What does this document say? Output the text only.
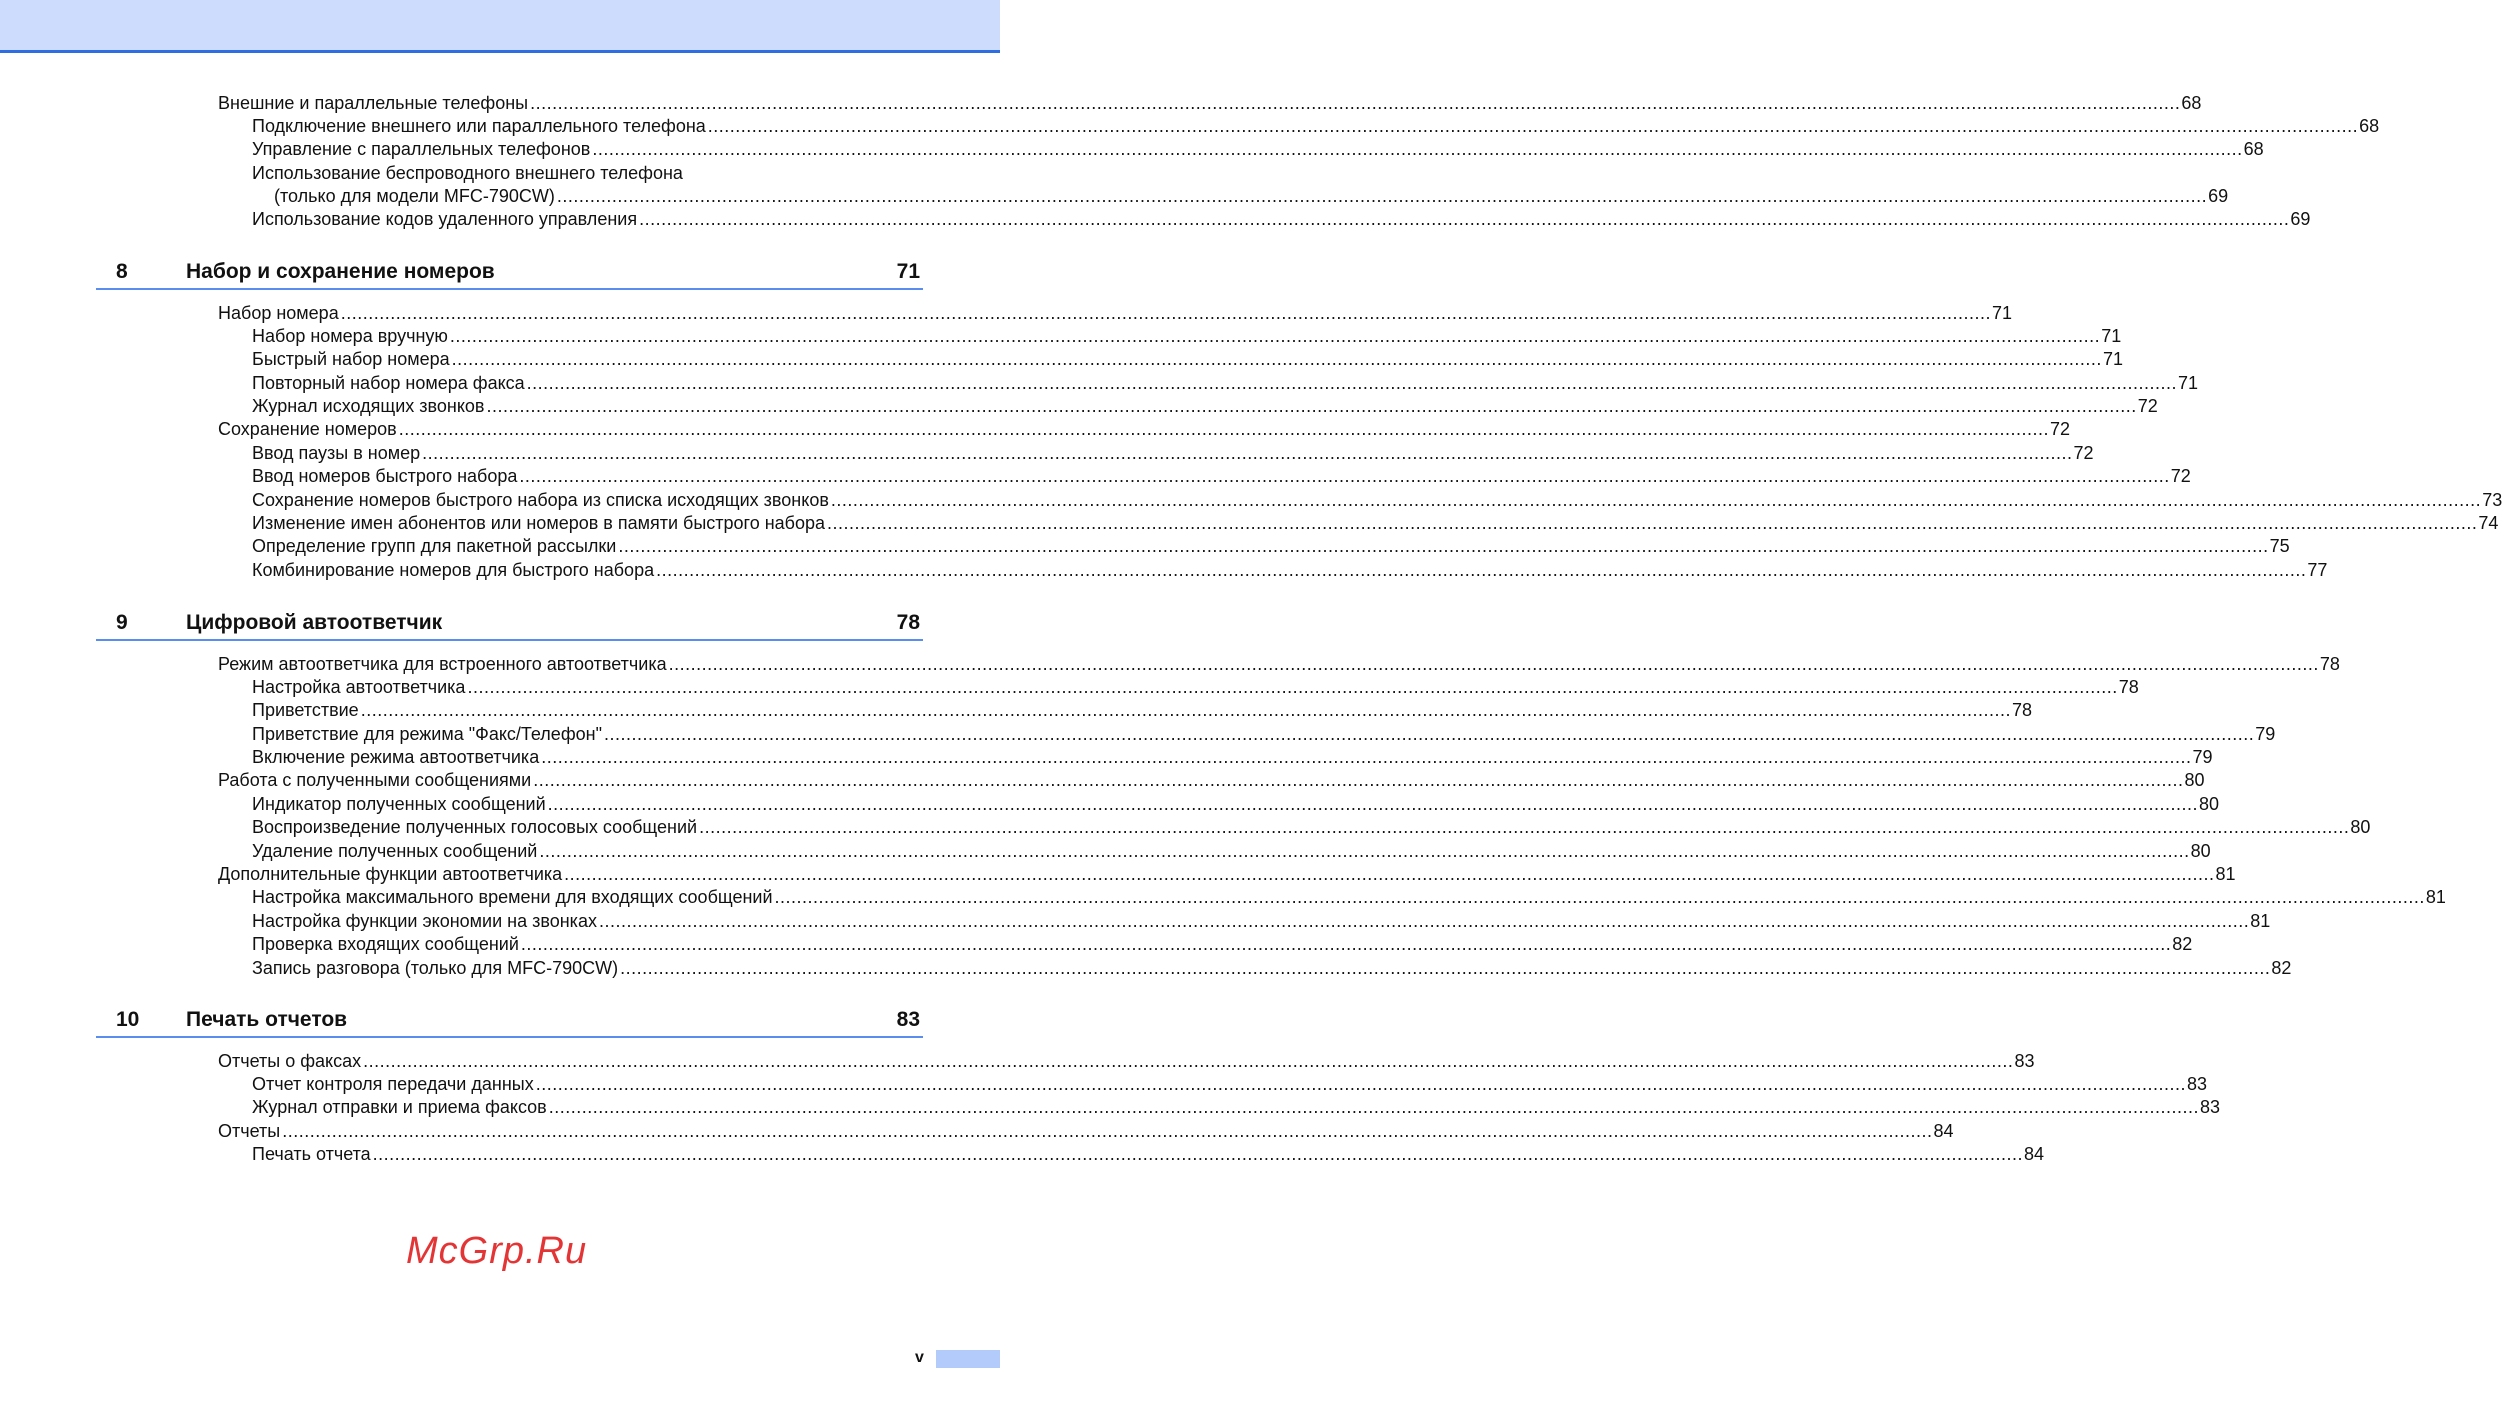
Внешние и параллельные телефоны ............................................................................................................................................................................................................................................................................................................ 68
Подключение внешнего или параллельного телефона ............................................................................................................................................................................................................................................................................................................ 68
Управление с параллельных телефонов ............................................................................................................................................................................................................................................................................................................ 68
Использование беспроводного внешнего телефона
(только для модели MFC-790CW) ............................................................................................................................................................................................................................................................................................................ 69
Использование кодов удаленного управления ............................................................................................................................................................................................................................................................................................................ 69
8	Набор и сохранение номеров	71
Набор номера ............................................................................................................................................................................................................................................................................................................ 71
Набор номера вручную ............................................................................................................................................................................................................................................................................................................ 71
Быстрый набор номера ............................................................................................................................................................................................................................................................................................................ 71
Повторный набор номера факса ............................................................................................................................................................................................................................................................................................................ 71
Журнал исходящих звонков ............................................................................................................................................................................................................................................................................................................ 72
Сохранение номеров ............................................................................................................................................................................................................................................................................................................ 72
Ввод паузы в номер ............................................................................................................................................................................................................................................................................................................ 72
Ввод номеров быстрого набора ............................................................................................................................................................................................................................................................................................................ 72
Сохранение номеров быстрого набора из списка исходящих звонков ............................................................................................................................................................................................................................................................................................................ 73
Изменение имен абонентов или номеров в памяти быстрого набора ............................................................................................................................................................................................................................................................................................................ 74
Определение групп для пакетной рассылки ............................................................................................................................................................................................................................................................................................................ 75
Комбинирование номеров для быстрого набора ............................................................................................................................................................................................................................................................................................................ 77
9	Цифровой автоответчик	78
Режим автоответчика для встроенного автоответчика ............................................................................................................................................................................................................................................................................................................ 78
Настройка автоответчика ............................................................................................................................................................................................................................................................................................................ 78
Приветствие ............................................................................................................................................................................................................................................................................................................ 78
Приветствие для режима "Факс/Телефон" ............................................................................................................................................................................................................................................................................................................ 79
Включение режима автоответчика ............................................................................................................................................................................................................................................................................................................ 79
Работа с полученными сообщениями ............................................................................................................................................................................................................................................................................................................ 80
Индикатор полученных сообщений ............................................................................................................................................................................................................................................................................................................ 80
Воспроизведение полученных голосовых сообщений ............................................................................................................................................................................................................................................................................................................ 80
Удаление полученных сообщений ............................................................................................................................................................................................................................................................................................................ 80
Дополнительные функции автоответчика ............................................................................................................................................................................................................................................................................................................ 81
Настройка максимального времени для входящих сообщений ............................................................................................................................................................................................................................................................................................................ 81
Настройка функции экономии на звонках ............................................................................................................................................................................................................................................................................................................ 81
Проверка входящих сообщений ............................................................................................................................................................................................................................................................................................................ 82
Запись разговора (только для MFC-790CW) ............................................................................................................................................................................................................................................................................................................ 82
10 Печать отчетов	83
Отчеты о факсах ............................................................................................................................................................................................................................................................................................................ 83
Отчет контроля передачи данных ............................................................................................................................................................................................................................................................................................................ 83
Журнал отправки и приема факсов ............................................................................................................................................................................................................................................................................................................ 83
Отчеты ............................................................................................................................................................................................................................................................................................................ 84
Печать отчета ............................................................................................................................................................................................................................................................................................................ 84
McGrp.Ru
v
